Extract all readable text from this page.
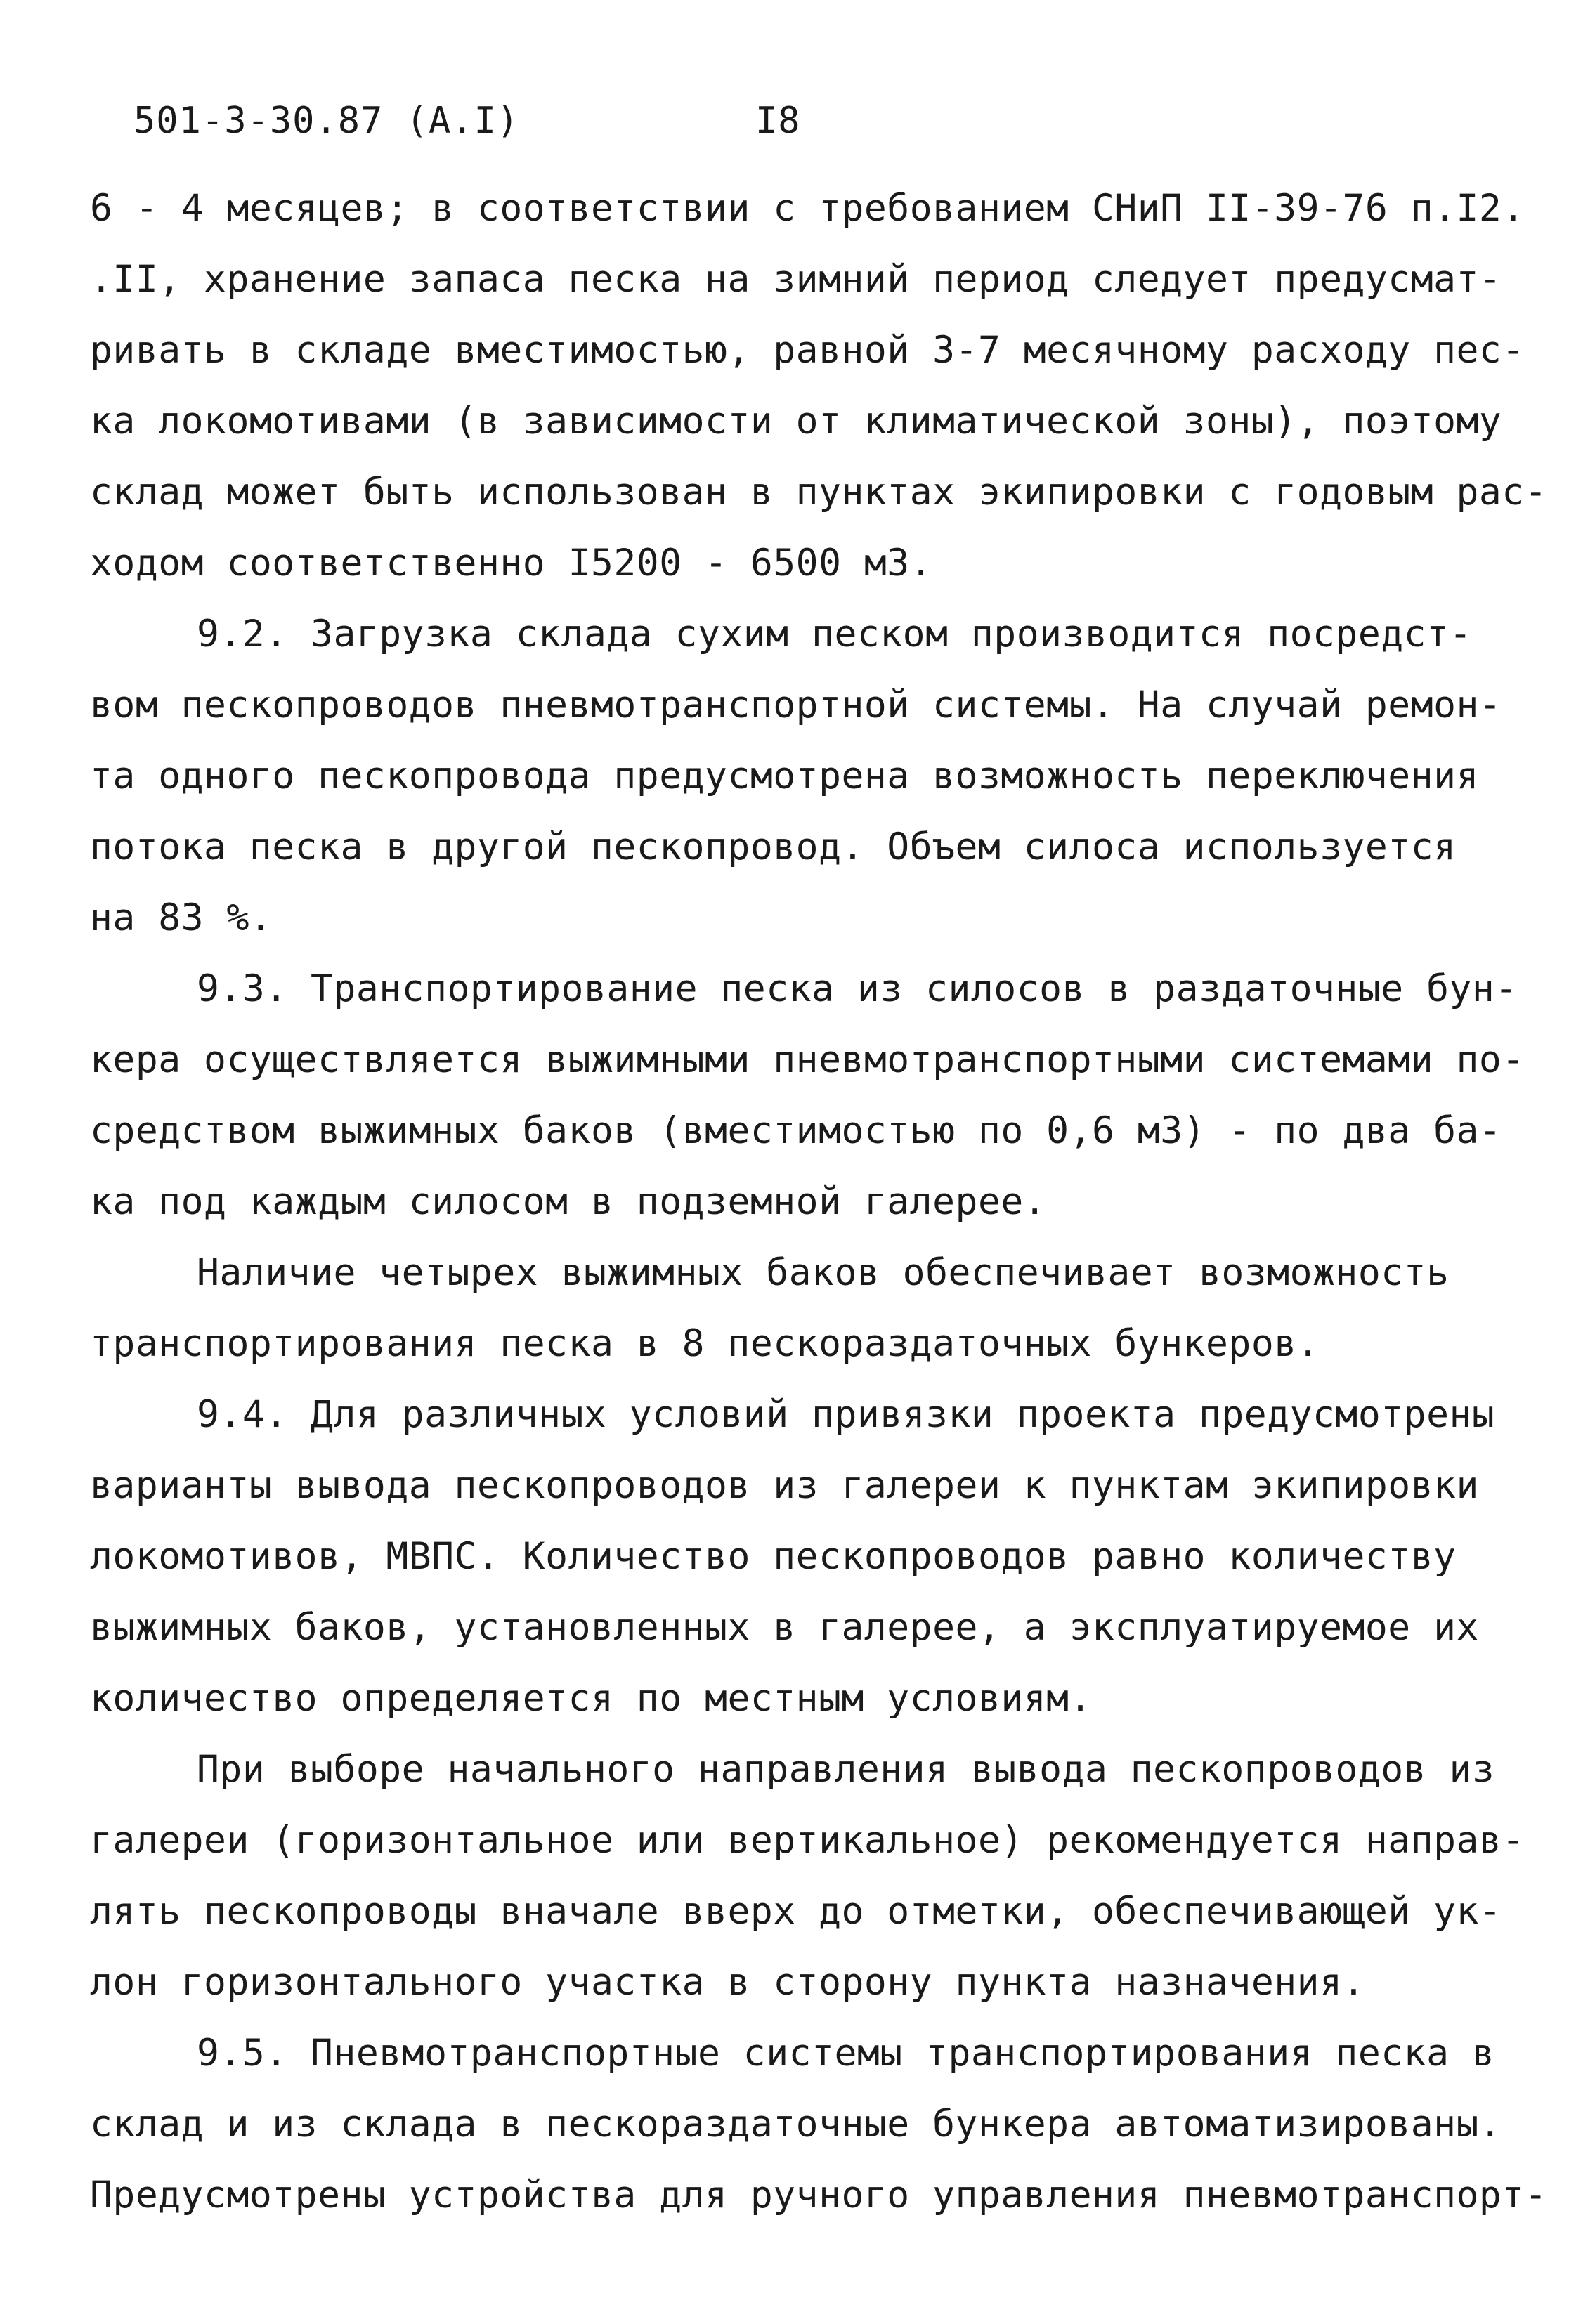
501-3-30.87 (А.I)	I8
6 - 4 месяцев; в соответствии с требованием СНиП II-39-76 п.I2.
.II, хранение запаса песка на зимний период следует предусмат-
ривать в складе вместимостью, равной 3-7 месячному расходу пес-
ка локомотивами (в зависимости от климатической зоны), поэтому
склад может быть использован в пунктах экипировки с годовым рас-
ходом соответственно I5200 - 6500 м3.
9.2. Загрузка склада сухим песком производится посредст-
вом пескопроводов пневмотранспортной системы. На случай ремон-
та одного пескопровода предусмотрена возможность переключения
потока песка в другой пескопровод. Объем силоса используется
на 83 %.
9.3. Транспортирование песка из силосов в раздаточные бун-
кера осуществляется выжимными пневмотранспортными системами по-
средством выжимных баков (вместимостью по 0,6 м3) - по два ба-
ка под каждым силосом в подземной галерее.
Наличие четырех выжимных баков обеспечивает возможность
транспортирования песка в 8 пескораздаточных бункеров.
9.4. Для различных условий привязки проекта предусмотрены
варианты вывода пескопроводов из галереи к пунктам экипировки
локомотивов, МВПС. Количество пескопроводов равно количеству
выжимных баков, установленных в галерее, а эксплуатируемое их
количество определяется по местным условиям.
При выборе начального направления вывода пескопроводов из
галереи (горизонтальное или вертикальное) рекомендуется направ-
лять пескопроводы вначале вверх до отметки, обеспечивающей ук-
лон горизонтального участка в сторону пункта назначения.
9.5. Пневмотранспортные системы транспортирования песка в
склад и из склада в пескораздаточные бункера автоматизированы.
Предусмотрены устройства для ручного управления пневмотранспорт-
